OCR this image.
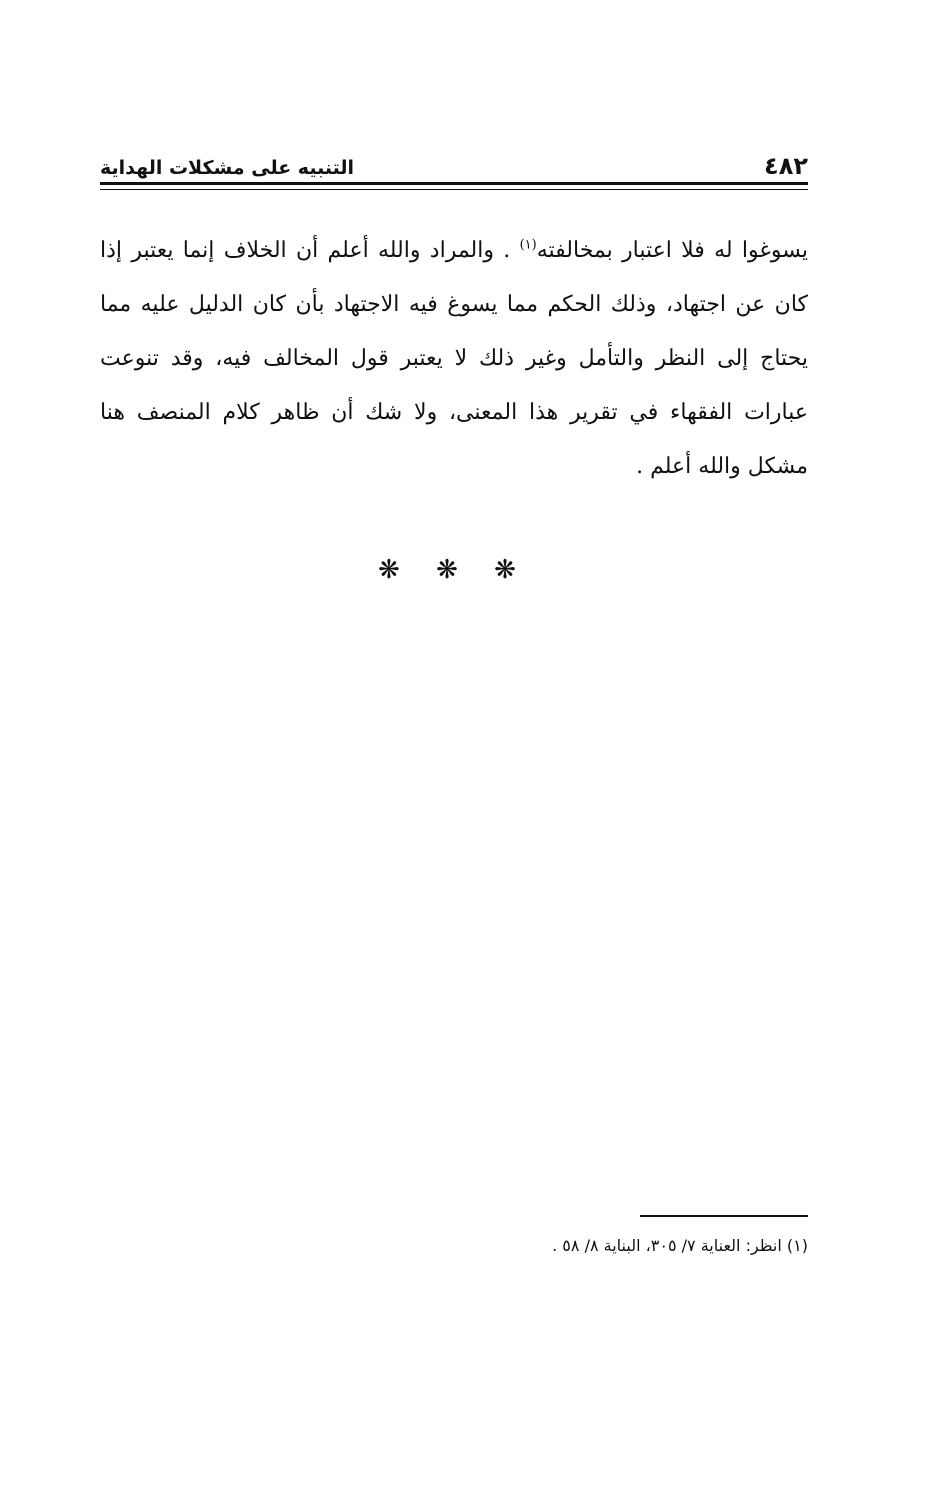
٤٨٢
التنبيه على مشكلات الهداية
يسوغوا له فلا اعتبار بمخالفته$^{(١)}$ . والمراد والله أعلم أن الخلاف إنما يعتبر إذا
كان عن اجتهاد، وذلك الحكم مما يسوغ فيه الاجتهاد بأن كان الدليل عليه مما
يحتاج إلى النظر والتأمل وغير ذلك لا يعتبر قول المخالف فيه، وقد تنوعت
عبارات الفقهاء في تقرير هذا المعنى، ولا شك أن ظاهر كلام المنصف هنا
مشكل والله أعلم .
❋ ❋ ❋
(١) انظر: العناية ٧/ ٣٠٥، البناية ٨/ ٥٨ .
